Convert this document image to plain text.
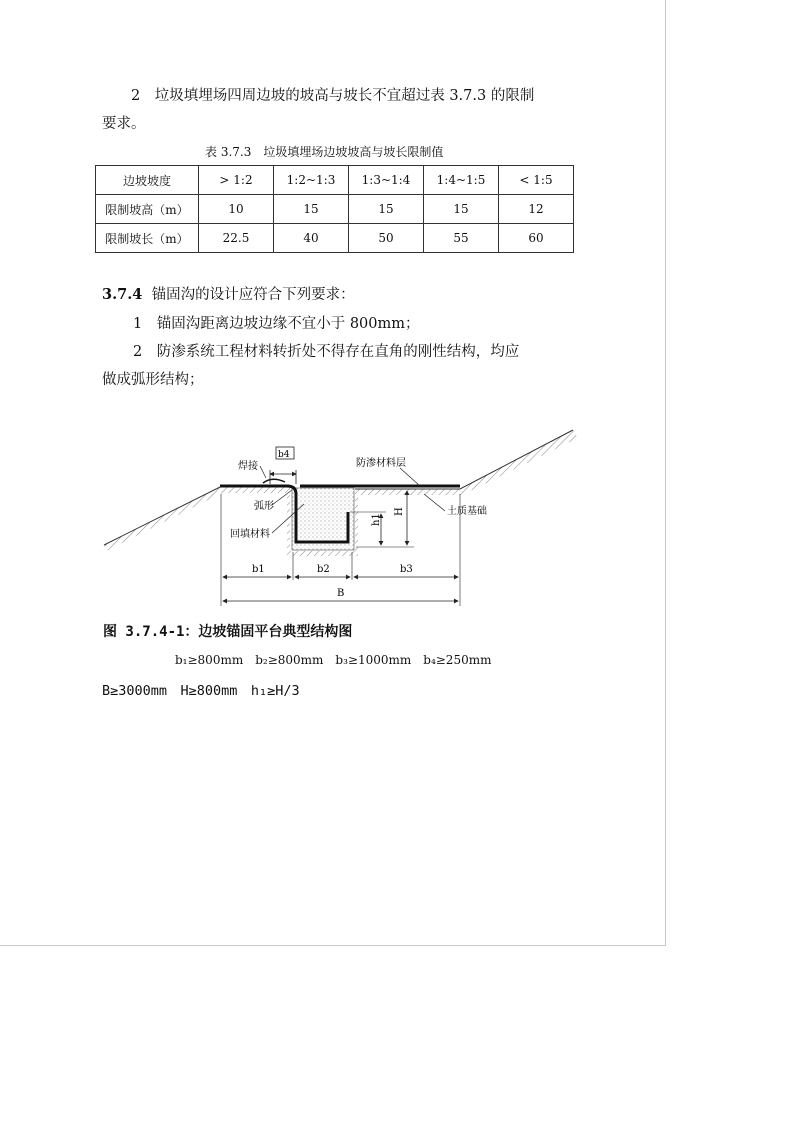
2　垃圾填埋场四周边坡的坡高与坡长不宜超过表 3.7.3 的限制
要求。
表 3.7.3　垃圾填埋场边坡坡高与坡长限制值
边坡坡度	> 1:2	1:2~1:3	1:3~1:4	1:4~1:5	< 1:5
限制坡高（m）	10	15	15	15	12
限制坡长（m）	22.5	40	50	55	60
3.7.4 锚固沟的设计应符合下列要求：
1　锚固沟距离边坡边缘不宜小于 800mm；
2　防渗系统工程材料转折处不得存在直角的刚性结构，均应
做成弧形结构；
b4
焊接
弧形
回填材料
防渗材料层
土质基础
H
h1
b1	b2	b3
B
图 3.7.4-1：边坡锚固平台典型结构图
b₁≥800mm　b₂≥800mm　b₃≥1000mm　b₄≥250mm
B≥3000mm　H≥800mm　h₁≥H/3
